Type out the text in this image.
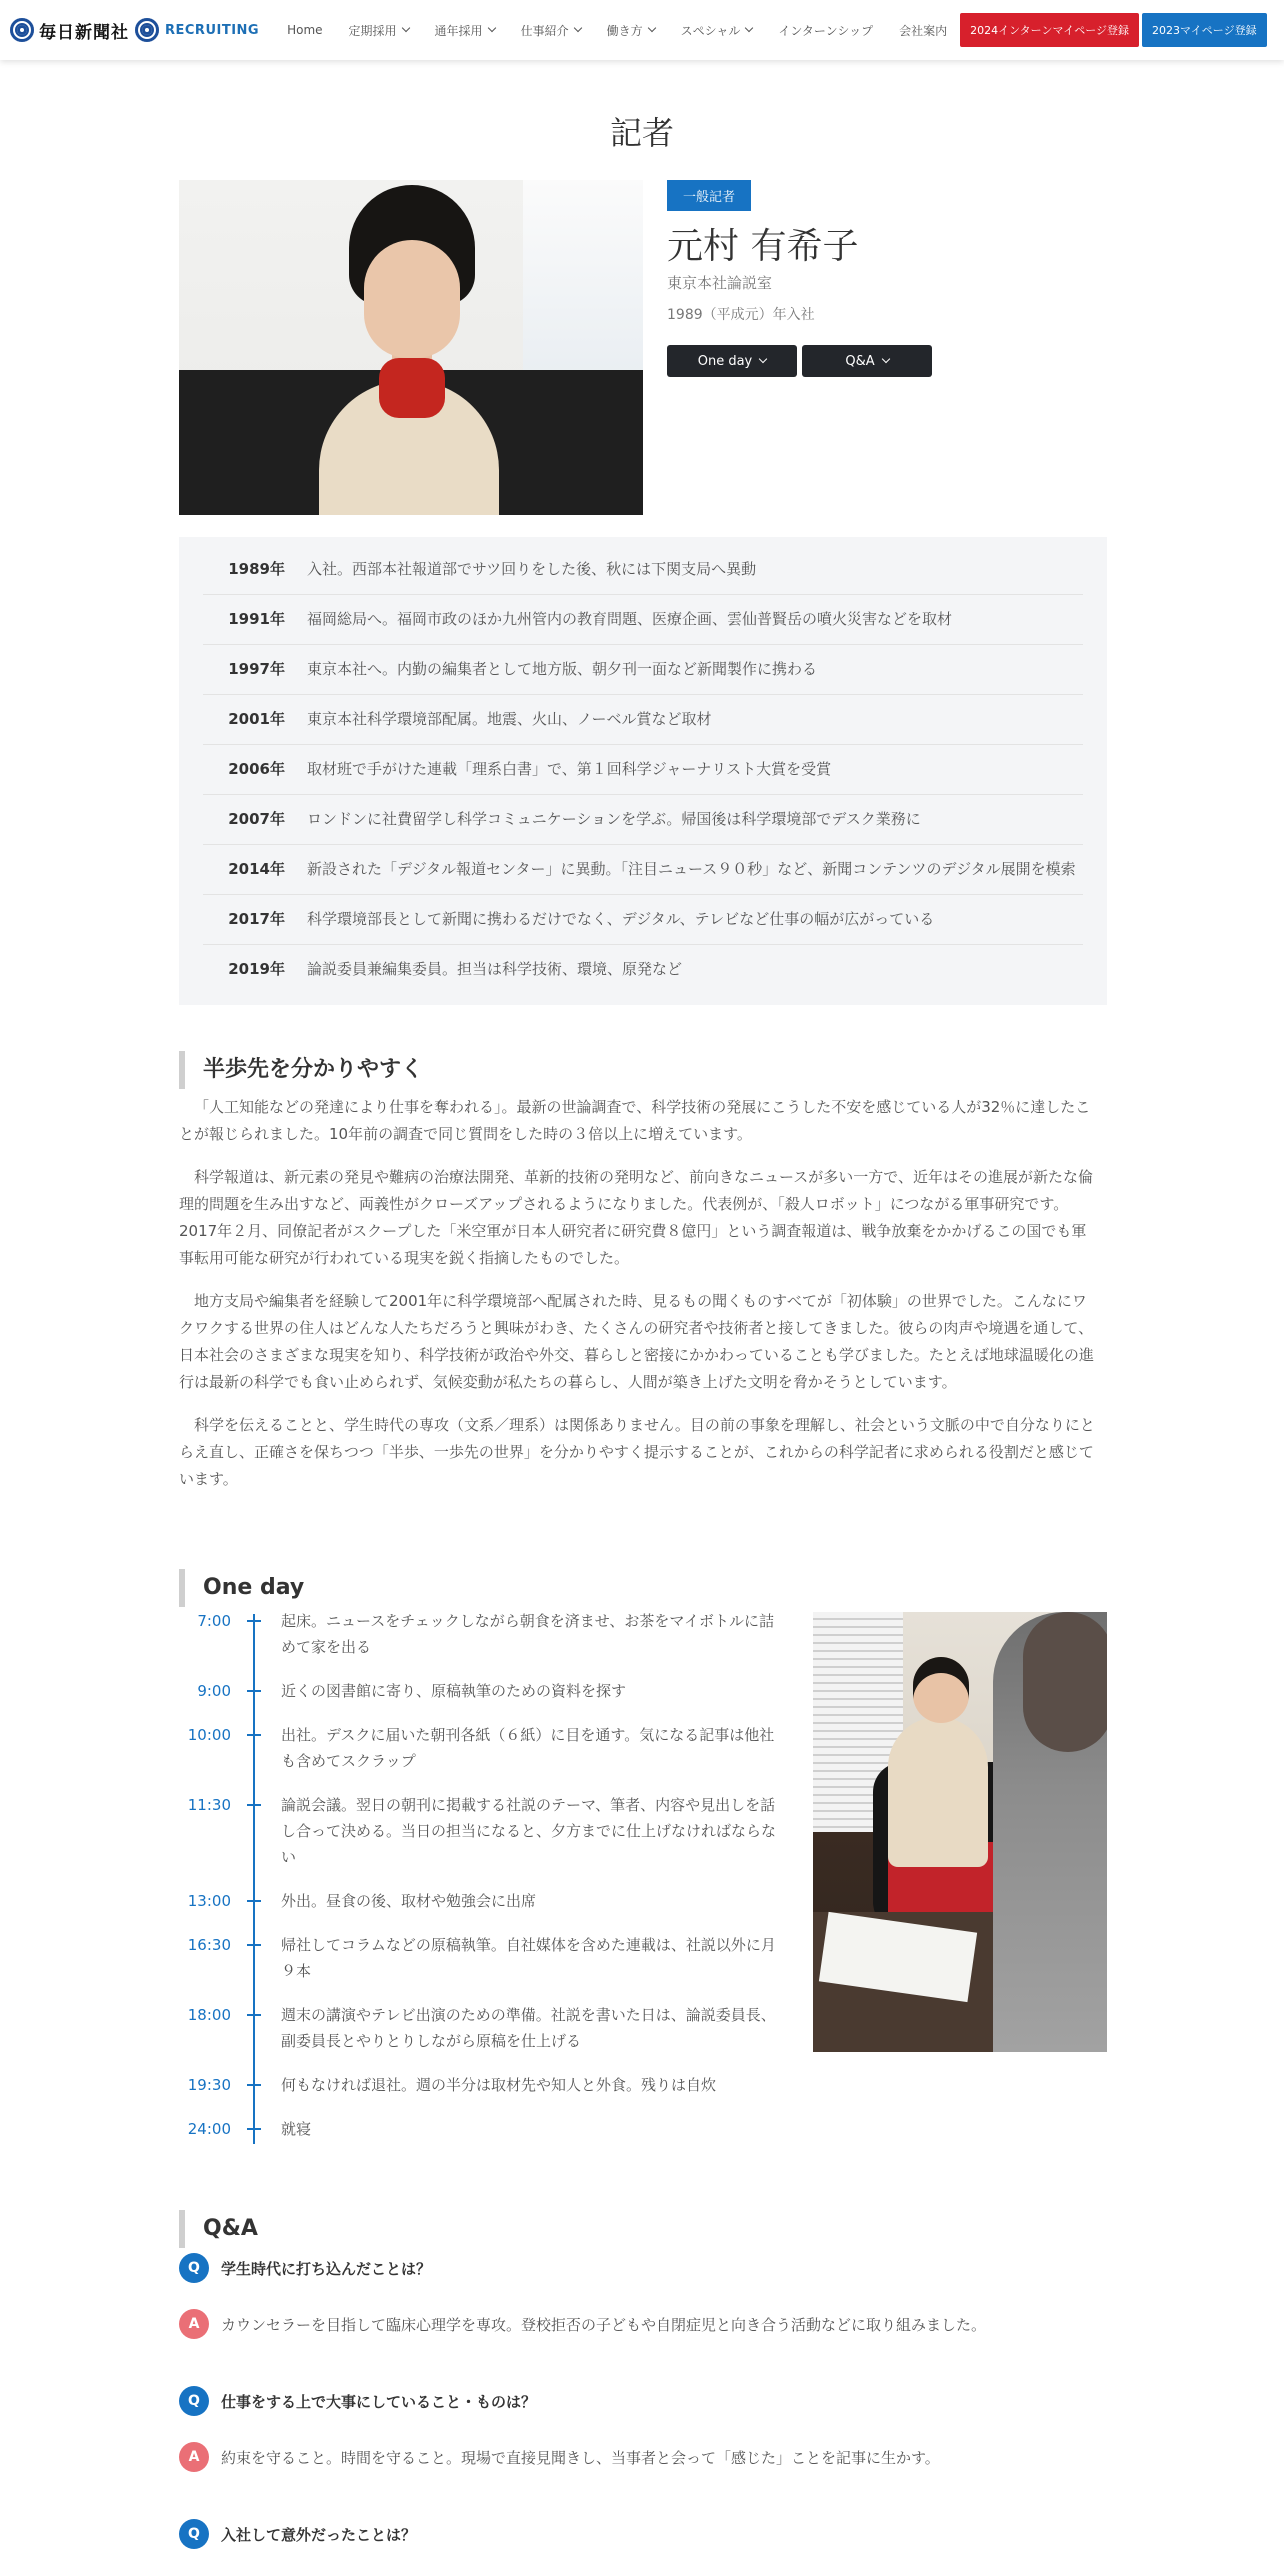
毎日新聞社	RECRUITING Home 定期採用	通年採用	仕事紹介	働き方	スペシャル	インターンシップ 会社案内	2024インターンマイページ登録	2023マイページ登録
記者
一般記者
元村 有希子
東京本社論説室
1989（平成元）年入社
One day	Q&A
1989年 入社。西部本社報道部でサツ回りをした後、秋には下関支局へ異動
1991年 福岡総局へ。福岡市政のほか九州管内の教育問題、医療企画、雲仙普賢岳の噴火災害などを取材
1997年 東京本社へ。内勤の編集者として地方版、朝夕刊一面など新聞製作に携わる
2001年 東京本社科学環境部配属。地震、火山、ノーベル賞など取材
2006年 取材班で手がけた連載「理系白書」で、第１回科学ジャーナリスト大賞を受賞
2007年 ロンドンに社費留学し科学コミュニケーションを学ぶ。帰国後は科学環境部でデスク業務に
2014年 新設された「デジタル報道センター」に異動。「注目ニュース９０秒」など、新聞コンテンツのデジタル展開を模索
2017年 科学環境部長として新聞に携わるだけでなく、デジタル、テレビなど仕事の幅が広がっている
2019年 論説委員兼編集委員。担当は科学技術、環境、原発など
半歩先を分かりやすく

「人工知能などの発達により仕事を奪われる」。最新の世論調査で、科学技術の発展にこうした不安を感じている人が32％に達したことが報じられました。10年前の調査で同じ質問をした時の３倍以上に増えています。

科学報道は、新元素の発見や難病の治療法開発、革新的技術の発明など、前向きなニュースが多い一方で、近年はその進展が新たな倫理的問題を生み出すなど、両義性がクローズアップされるようになりました。代表例が、「殺人ロボット」につながる軍事研究です。2017年２月、同僚記者がスクープした「米空軍が日本人研究者に研究費８億円」という調査報道は、戦争放棄をかかげるこの国でも軍事転用可能な研究が行われている現実を鋭く指摘したものでした。

地方支局や編集者を経験して2001年に科学環境部へ配属された時、見るもの聞くものすべてが「初体験」の世界でした。こんなにワクワクする世界の住人はどんな人たちだろうと興味がわき、たくさんの研究者や技術者と接してきました。彼らの肉声や境遇を通して、日本社会のさまざまな現実を知り、科学技術が政治や外交、暮らしと密接にかかわっていることも学びました。たとえば地球温暖化の進行は最新の科学でも食い止められず、気候変動が私たちの暮らし、人間が築き上げた文明を脅かそうとしています。

科学を伝えることと、学生時代の専攻（文系／理系）は関係ありません。目の前の事象を理解し、社会という文脈の中で自分なりにとらえ直し、正確さを保ちつつ「半歩、一歩先の世界」を分かりやすく提示することが、これからの科学記者に求められる役割だと感じています。

One day
7:00	起床。ニュースをチェックしながら朝食を済ませ、お茶をマイボトルに詰めて家を出る
9:00	近くの図書館に寄り、原稿執筆のための資料を探す
10:00	出社。デスクに届いた朝刊各紙（６紙）に目を通す。気になる記事は他社も含めてスクラップ
11:30	論説会議。翌日の朝刊に掲載する社説のテーマ、筆者、内容や見出しを話し合って決める。当日の担当になると、夕方までに仕上げなければならない
13:00	外出。昼食の後、取材や勉強会に出席
16:30	帰社してコラムなどの原稿執筆。自社媒体を含めた連載は、社説以外に月９本
18:00	週末の講演やテレビ出演のための準備。社説を書いた日は、論説委員長、副委員長とやりとりしながら原稿を仕上げる
19:30	何もなければ退社。週の半分は取材先や知人と外食。残りは自炊
24:00	就寝
Q&A
Q	学生時代に打ち込んだことは？
A	カウンセラーを目指して臨床心理学を専攻。登校拒否の子どもや自閉症児と向き合う活動などに取り組みました。
Q	仕事をする上で大事にしていること・ものは？
A	約束を守ること。時間を守ること。現場で直接見聞きし、当事者と会って「感じた」ことを記事に生かす。
Q	入社して意外だったことは？
